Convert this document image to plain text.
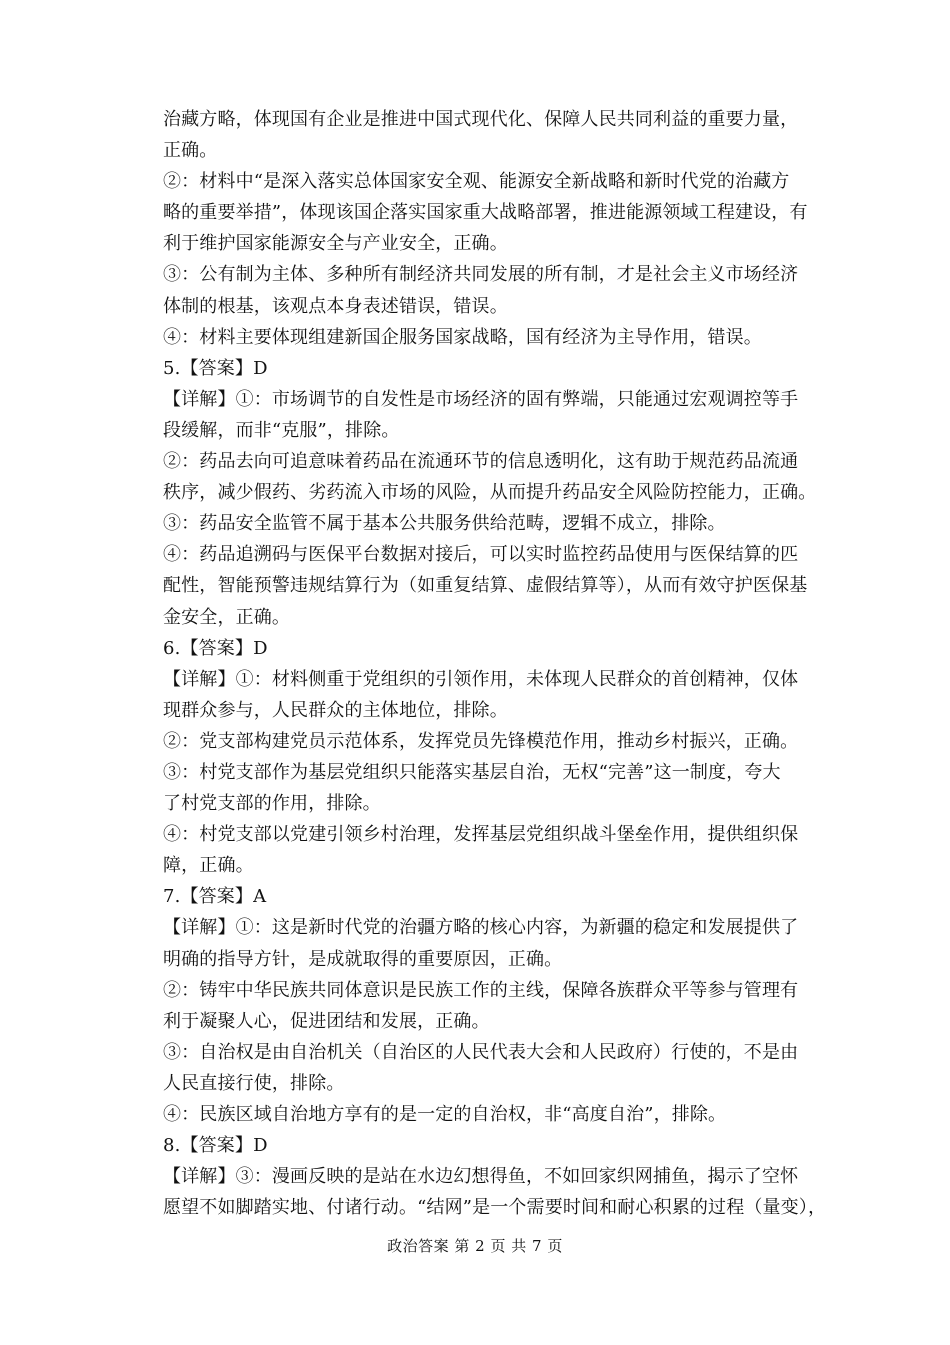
治藏方略，体现国有企业是推进中国式现代化、保障人民共同利益的重要力量，
正确。
②：材料中“是深入落实总体国家安全观、能源安全新战略和新时代党的治藏方
略的重要举措”，体现该国企落实国家重大战略部署，推进能源领域工程建设，有
利于维护国家能源安全与产业安全，正确。
③：公有制为主体、多种所有制经济共同发展的所有制，才是社会主义市场经济
体制的根基，该观点本身表述错误，错误。
④：材料主要体现组建新国企服务国家战略，国有经济为主导作用，错误。
5.【答案】D
【详解】①：市场调节的自发性是市场经济的固有弊端，只能通过宏观调控等手
段缓解，而非“克服”，排除。
②：药品去向可追意味着药品在流通环节的信息透明化，这有助于规范药品流通
秩序，减少假药、劣药流入市场的风险，从而提升药品安全风险防控能力，正确。
③：药品安全监管不属于基本公共服务供给范畴，逻辑不成立，排除。
④：药品追溯码与医保平台数据对接后，可以实时监控药品使用与医保结算的匹
配性，智能预警违规结算行为（如重复结算、虚假结算等），从而有效守护医保基
金安全，正确。
6.【答案】D
【详解】①：材料侧重于党组织的引领作用，未体现人民群众的首创精神，仅体
现群众参与，人民群众的主体地位，排除。
②：党支部构建党员示范体系，发挥党员先锋模范作用，推动乡村振兴，正确。
③：村党支部作为基层党组织只能落实基层自治，无权“完善”这一制度，夸大
了村党支部的作用，排除。
④：村党支部以党建引领乡村治理，发挥基层党组织战斗堡垒作用，提供组织保
障，正确。
7.【答案】A
【详解】①：这是新时代党的治疆方略的核心内容，为新疆的稳定和发展提供了
明确的指导方针，是成就取得的重要原因，正确。
②：铸牢中华民族共同体意识是民族工作的主线，保障各族群众平等参与管理有
利于凝聚人心，促进团结和发展，正确。
③：自治权是由自治机关（自治区的人民代表大会和人民政府）行使的，不是由
人民直接行使，排除。
④：民族区域自治地方享有的是一定的自治权，非“高度自治”，排除。
8.【答案】D
【详解】③：漫画反映的是站在水边幻想得鱼，不如回家织网捕鱼，揭示了空怀
愿望不如脚踏实地、付诸行动。“结网”是一个需要时间和耐心积累的过程（量变），
政治答案 第 2 页 共 7 页
